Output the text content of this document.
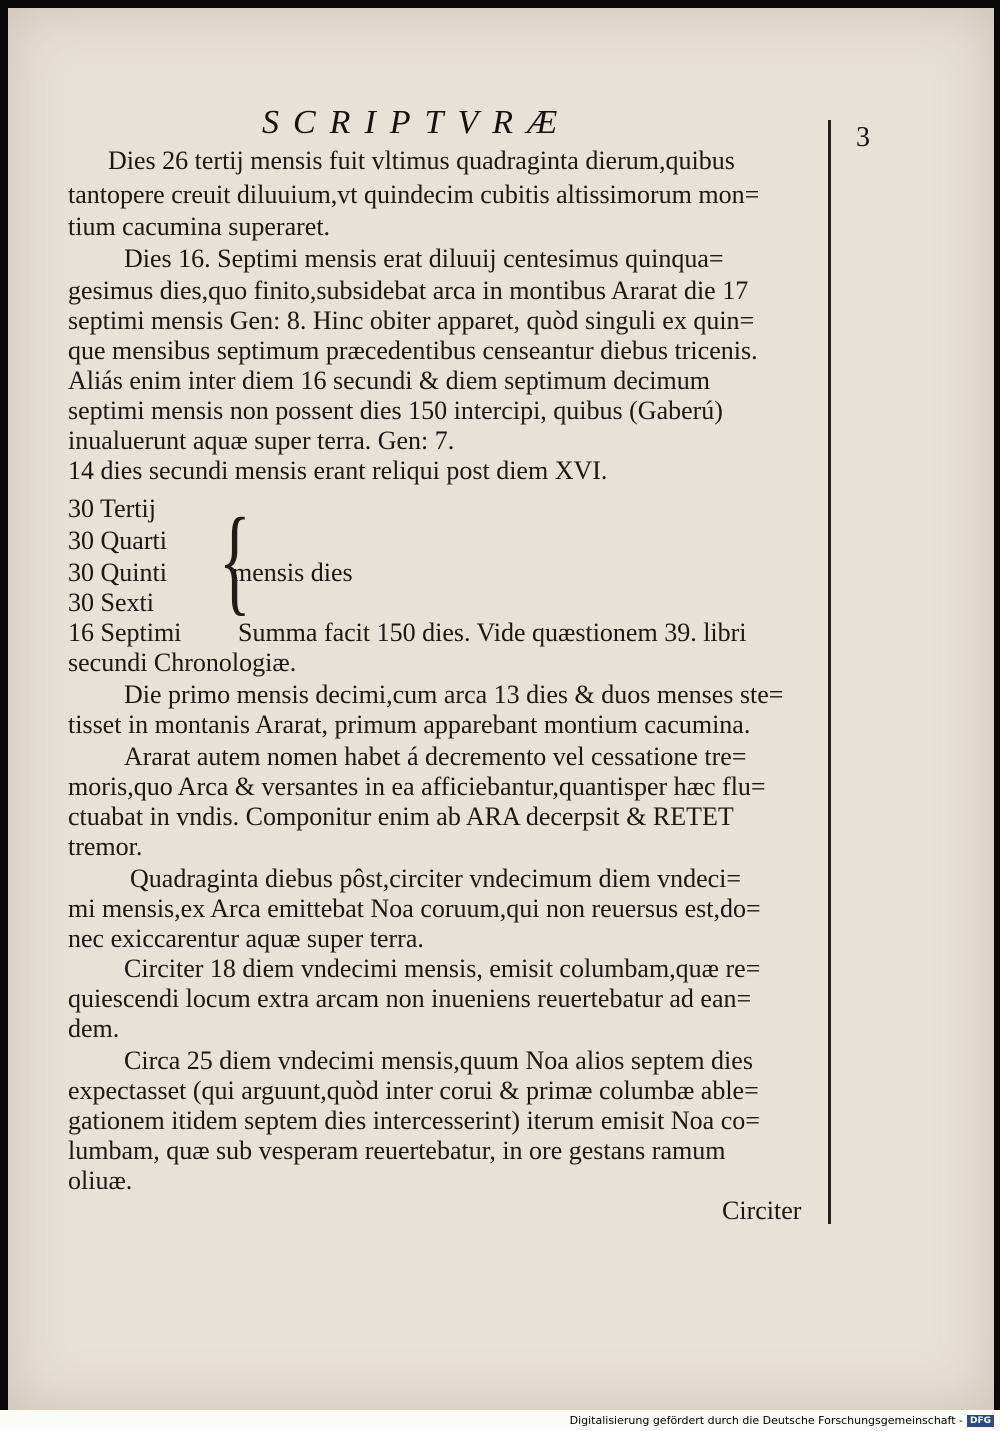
SCRIPTVRÆ	3
Dies 26 tertij mensis fuit vltimus quadraginta dierum,quibus
tantopere creuit diluuium,vt quindecim cubitis altissimorum mon=
tium cacumina superaret.
Dies 16. Septimi mensis erat diluuij centesimus quinqua=
gesimus dies,quo finito,subsidebat arca in montibus Ararat die 17
septimi mensis Gen: 8. Hinc obiter apparet, quòd singuli ex quin=
que mensibus septimum præcedentibus censeantur diebus tricenis.
Aliás enim inter diem 16 secundi & diem septimum decimum
septimi mensis non possent dies 150 intercipi, quibus (Gaberú)
inualuerunt aquæ super terra. Gen: 7.
14 dies secundi mensis erant reliqui post diem XVI.
30 Tertij
30 Quarti
30 Quinti
30 Sexti
16 Septimi
{
mensis dies
Summa facit 150 dies. Vide quæstionem 39. libri
secundi Chronologiæ.
Die primo mensis decimi,cum arca 13 dies & duos menses ste=
tisset in montanis Ararat, primum apparebant montium cacumina.
Ararat autem nomen habet á decremento vel cessatione tre=
moris,quo Arca & versantes in ea afficiebantur,quantisper hæc flu=
ctuabat in vndis. Componitur enim ab ARA decerpsit & RETET
tremor.
Quadraginta diebus pôst,circiter vndecimum diem vndeci=
mi mensis,ex Arca emittebat Noa coruum,qui non reuersus est,do=
nec exiccarentur aquæ super terra.
Circiter 18 diem vndecimi mensis, emisit columbam,quæ re=
quiescendi locum extra arcam non inueniens reuertebatur ad ean=
dem.
Circa 25 diem vndecimi mensis,quum Noa alios septem dies
expectasset (qui arguunt,quòd inter corui & primæ columbæ able=
gationem itidem septem dies intercesserint) iterum emisit Noa co=
lumbam, quæ sub vesperam reuertebatur, in ore gestans ramum
oliuæ.
Circiter
Digitalisierung gefördert durch die Deutsche Forschungsgemeinschaft - DFG
